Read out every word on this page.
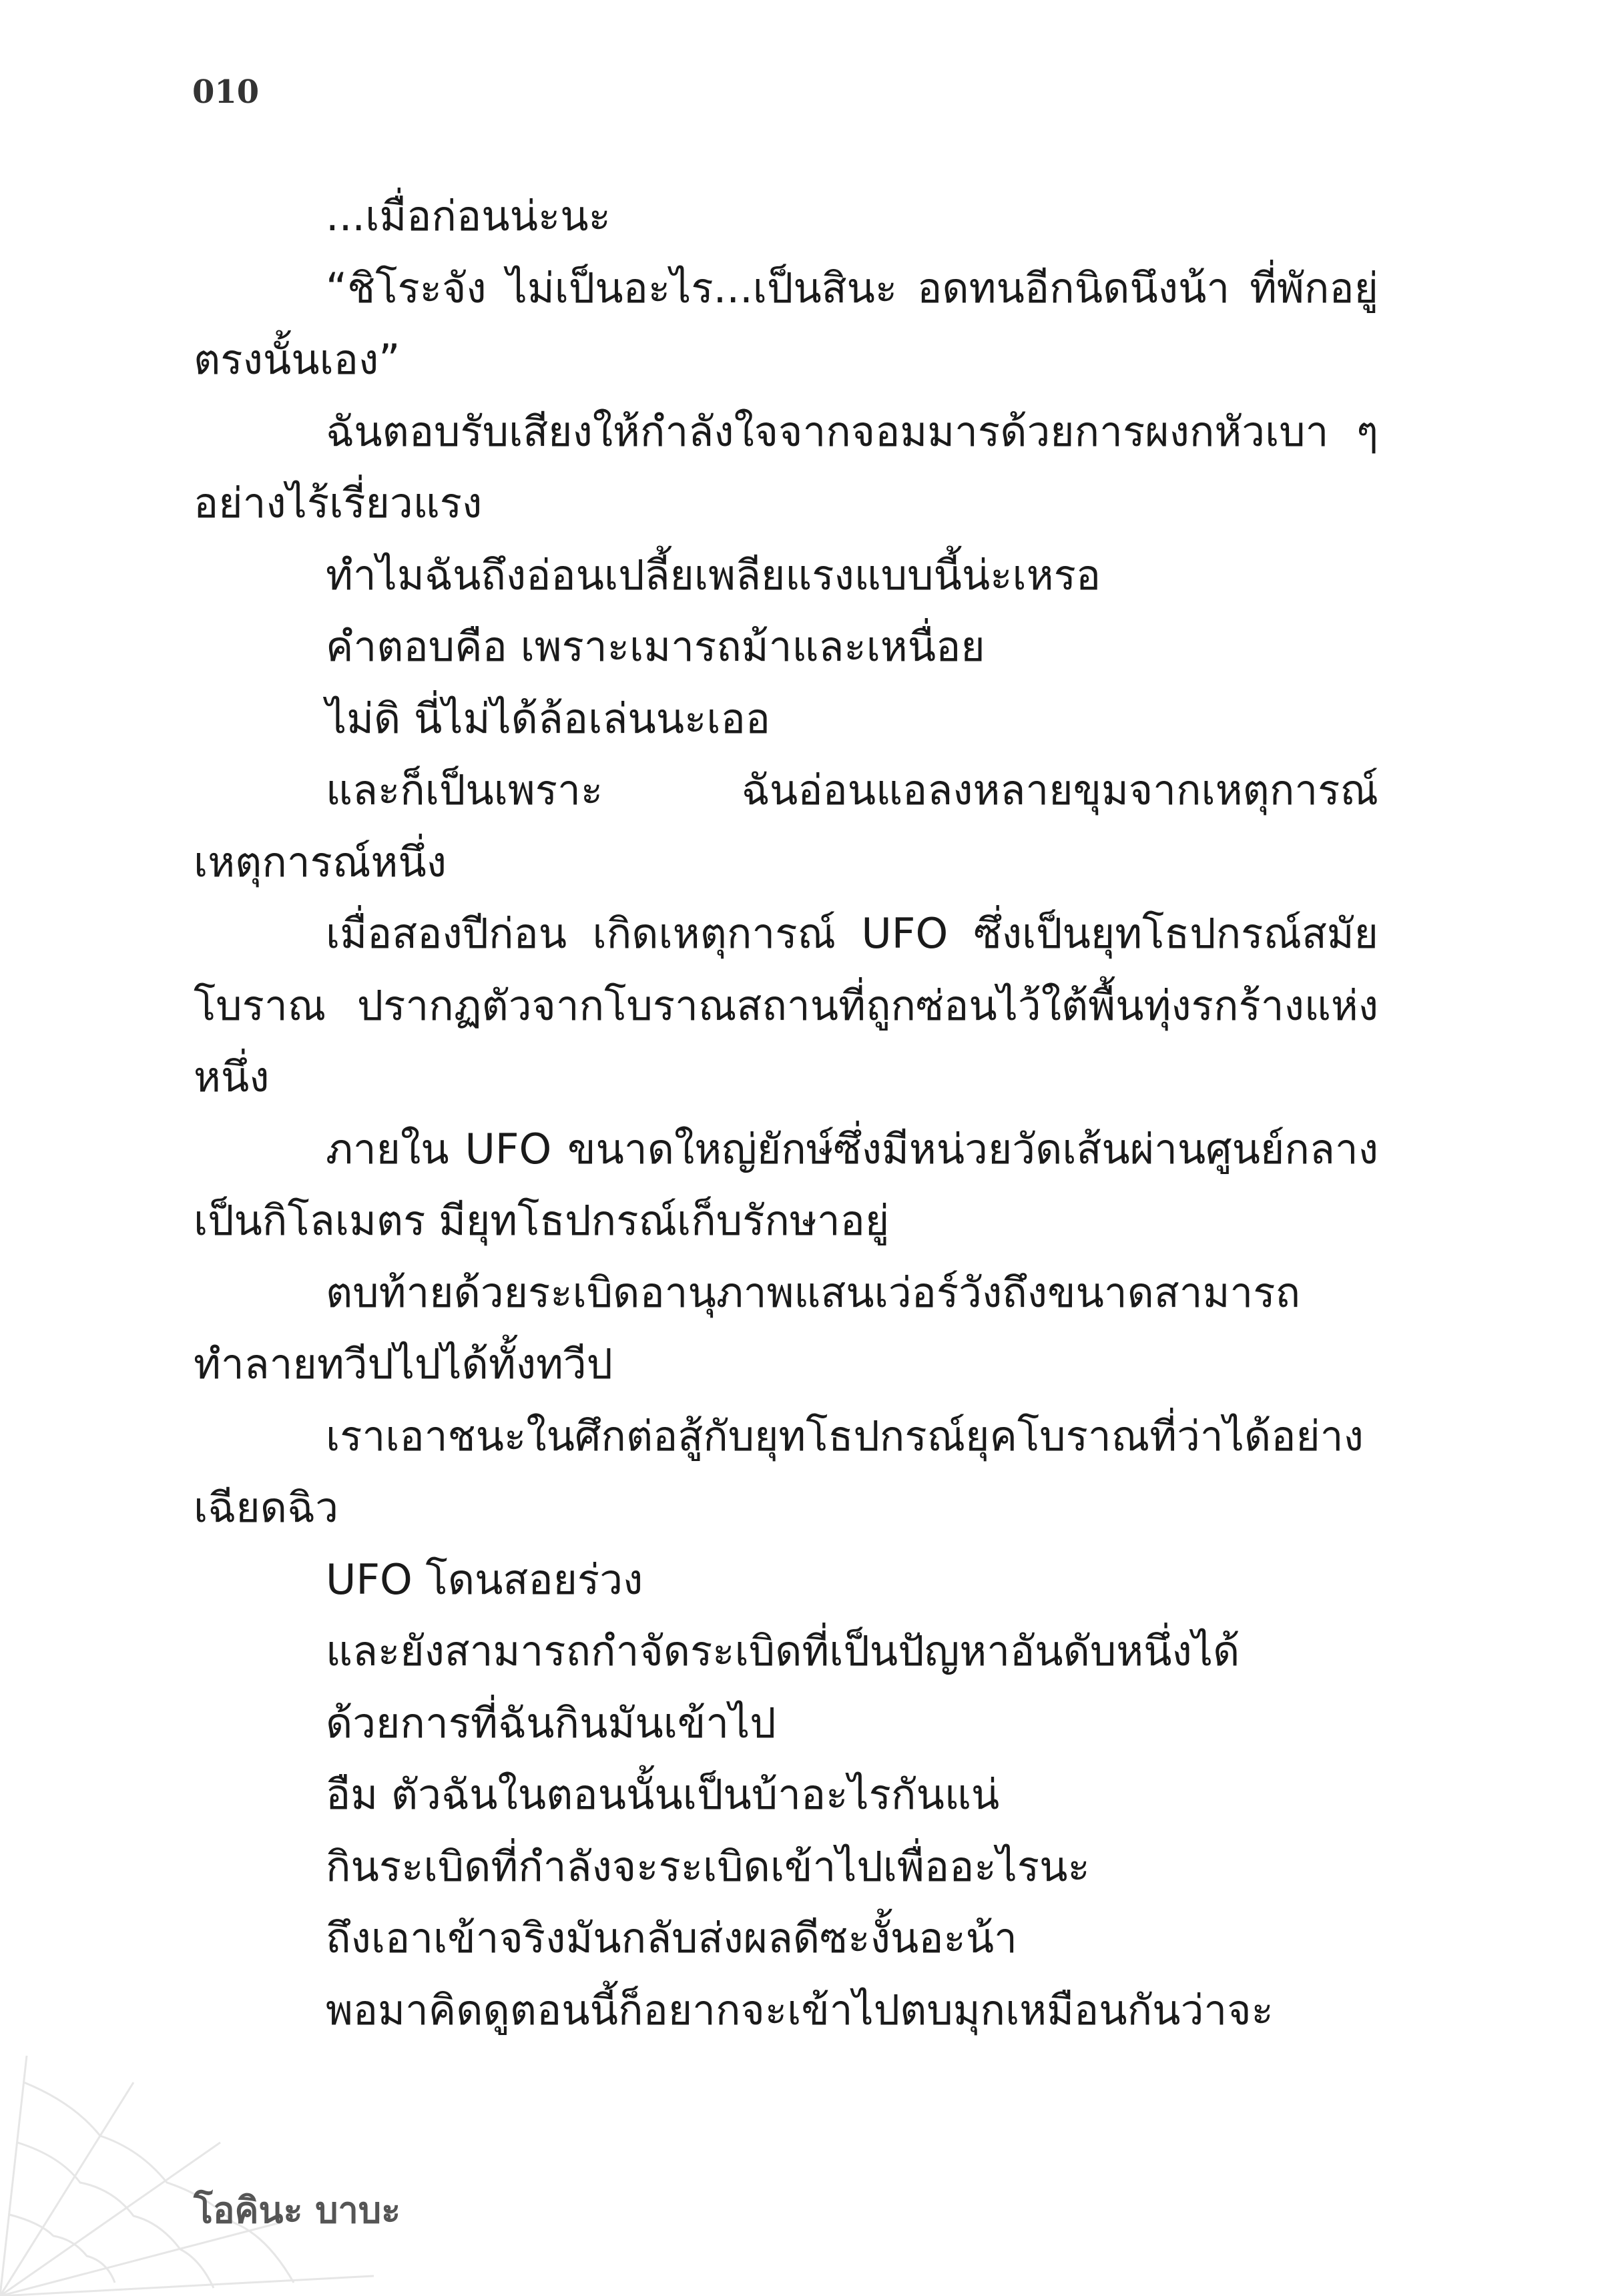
010

...เมื่อก่อนน่ะนะ

“ชิโระจัง ไม่เป็นอะไร...เป็นสินะ อดทนอีกนิดนึงน้า ที่พักอยู่ตรงนั้นเอง”

ฉันตอบรับเสียงให้กำลังใจจากจอมมารด้วยการผงกหัวเบา ๆ อย่างไร้เรี่ยวแรง

ทำไมฉันถึงอ่อนเปลี้ยเพลียแรงแบบนี้น่ะเหรอ

คำตอบคือ เพราะเมารถม้าและเหนื่อย

ไม่ดิ นี่ไม่ได้ล้อเล่นนะเออ

และก็เป็นเพราะ ฉันอ่อนแอลงหลายขุมจากเหตุการณ์เหตุการณ์หนึ่ง

เมื่อสองปีก่อน เกิดเหตุการณ์ UFO ซึ่งเป็นยุทโธปกรณ์สมัยโบราณ ปรากฏตัวจากโบราณสถานที่ถูกซ่อนไว้ใต้พื้นทุ่งรกร้างแห่งหนึ่ง

ภายใน UFO ขนาดใหญ่ยักษ์ซึ่งมีหน่วยวัดเส้นผ่านศูนย์กลางเป็นกิโลเมตร มียุทโธปกรณ์เก็บรักษาอยู่

ตบท้ายด้วยระเบิดอานุภาพแสนเว่อร์วังถึงขนาดสามารถทำลายทวีปไปได้ทั้งทวีป

เราเอาชนะในศึกต่อสู้กับยุทโธปกรณ์ยุคโบราณที่ว่าได้อย่างเฉียดฉิว

UFO โดนสอยร่วง

และยังสามารถกำจัดระเบิดที่เป็นปัญหาอันดับหนึ่งได้

ด้วยการที่ฉันกินมันเข้าไป

อืม ตัวฉันในตอนนั้นเป็นบ้าอะไรกันแน่

กินระเบิดที่กำลังจะระเบิดเข้าไปเพื่ออะไรนะ

ถึงเอาเข้าจริงมันกลับส่งผลดีซะงั้นอะน้า

พอมาคิดดูตอนนี้ก็อยากจะเข้าไปตบมุกเหมือนกันว่าจะ

โอคินะ บาบะ
